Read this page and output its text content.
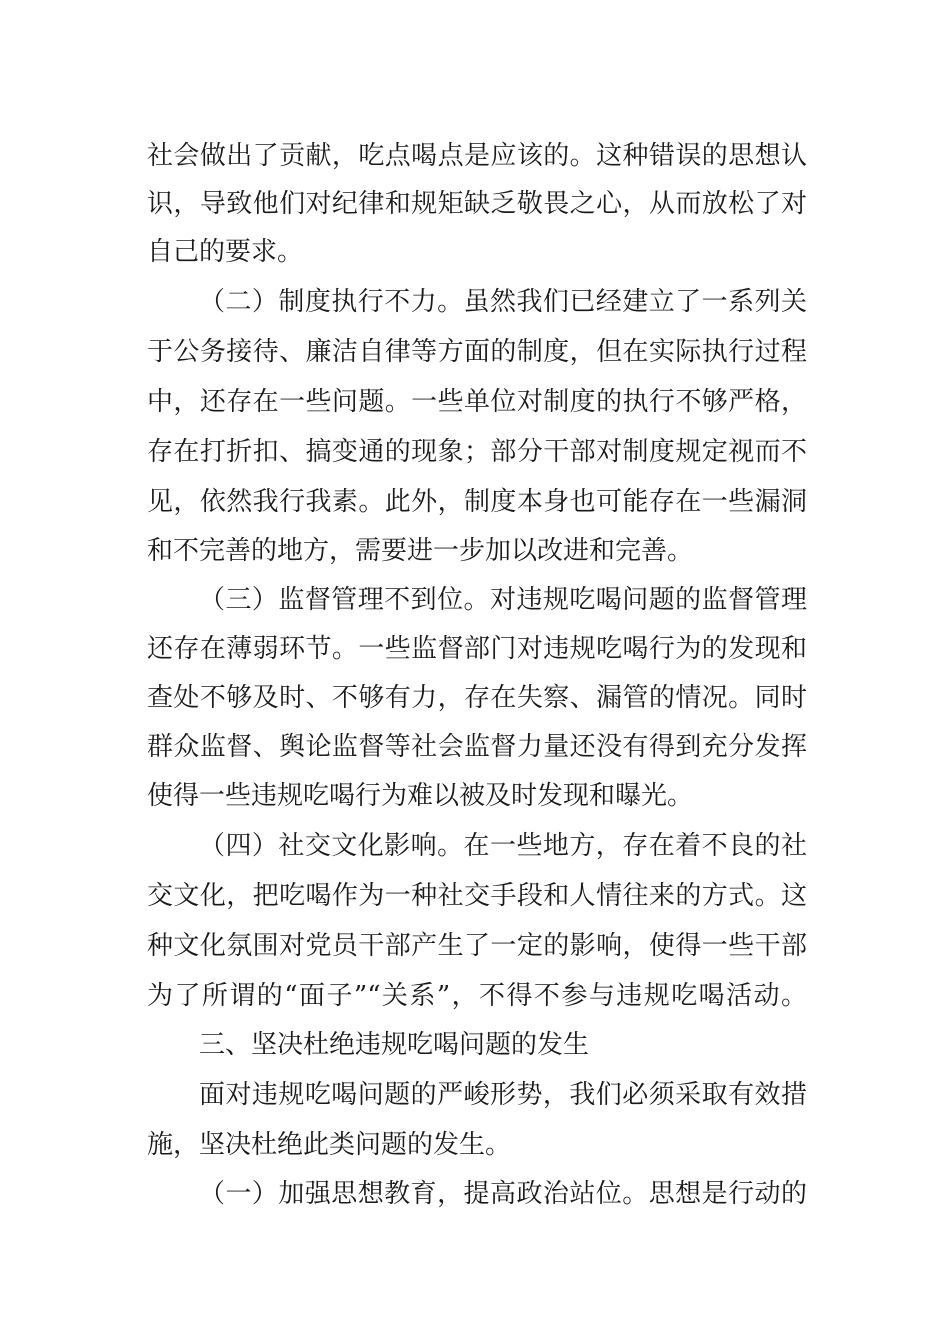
社会做出了贡献，吃点喝点是应该的。这种错误的思想认
识，导致他们对纪律和规矩缺乏敬畏之心，从而放松了对
自己的要求。
（二）制度执行不力。虽然我们已经建立了一系列关
于公务接待、廉洁自律等方面的制度，但在实际执行过程
中，还存在一些问题。一些单位对制度的执行不够严格，
存在打折扣、搞变通的现象；部分干部对制度规定视而不
见，依然我行我素。此外，制度本身也可能存在一些漏洞
和不完善的地方，需要进一步加以改进和完善。
（三）监督管理不到位。对违规吃喝问题的监督管理
还存在薄弱环节。一些监督部门对违规吃喝行为的发现和
查处不够及时、不够有力，存在失察、漏管的情况。同时
群众监督、舆论监督等社会监督力量还没有得到充分发挥
使得一些违规吃喝行为难以被及时发现和曝光。
（四）社交文化影响。在一些地方，存在着不良的社
交文化，把吃喝作为一种社交手段和人情往来的方式。这
种文化氛围对党员干部产生了一定的影响，使得一些干部
为了所谓的“面子”“关系”，不得不参与违规吃喝活动。
三、坚决杜绝违规吃喝问题的发生
面对违规吃喝问题的严峻形势，我们必须采取有效措
施，坚决杜绝此类问题的发生。
（一）加强思想教育，提高政治站位。思想是行动的
